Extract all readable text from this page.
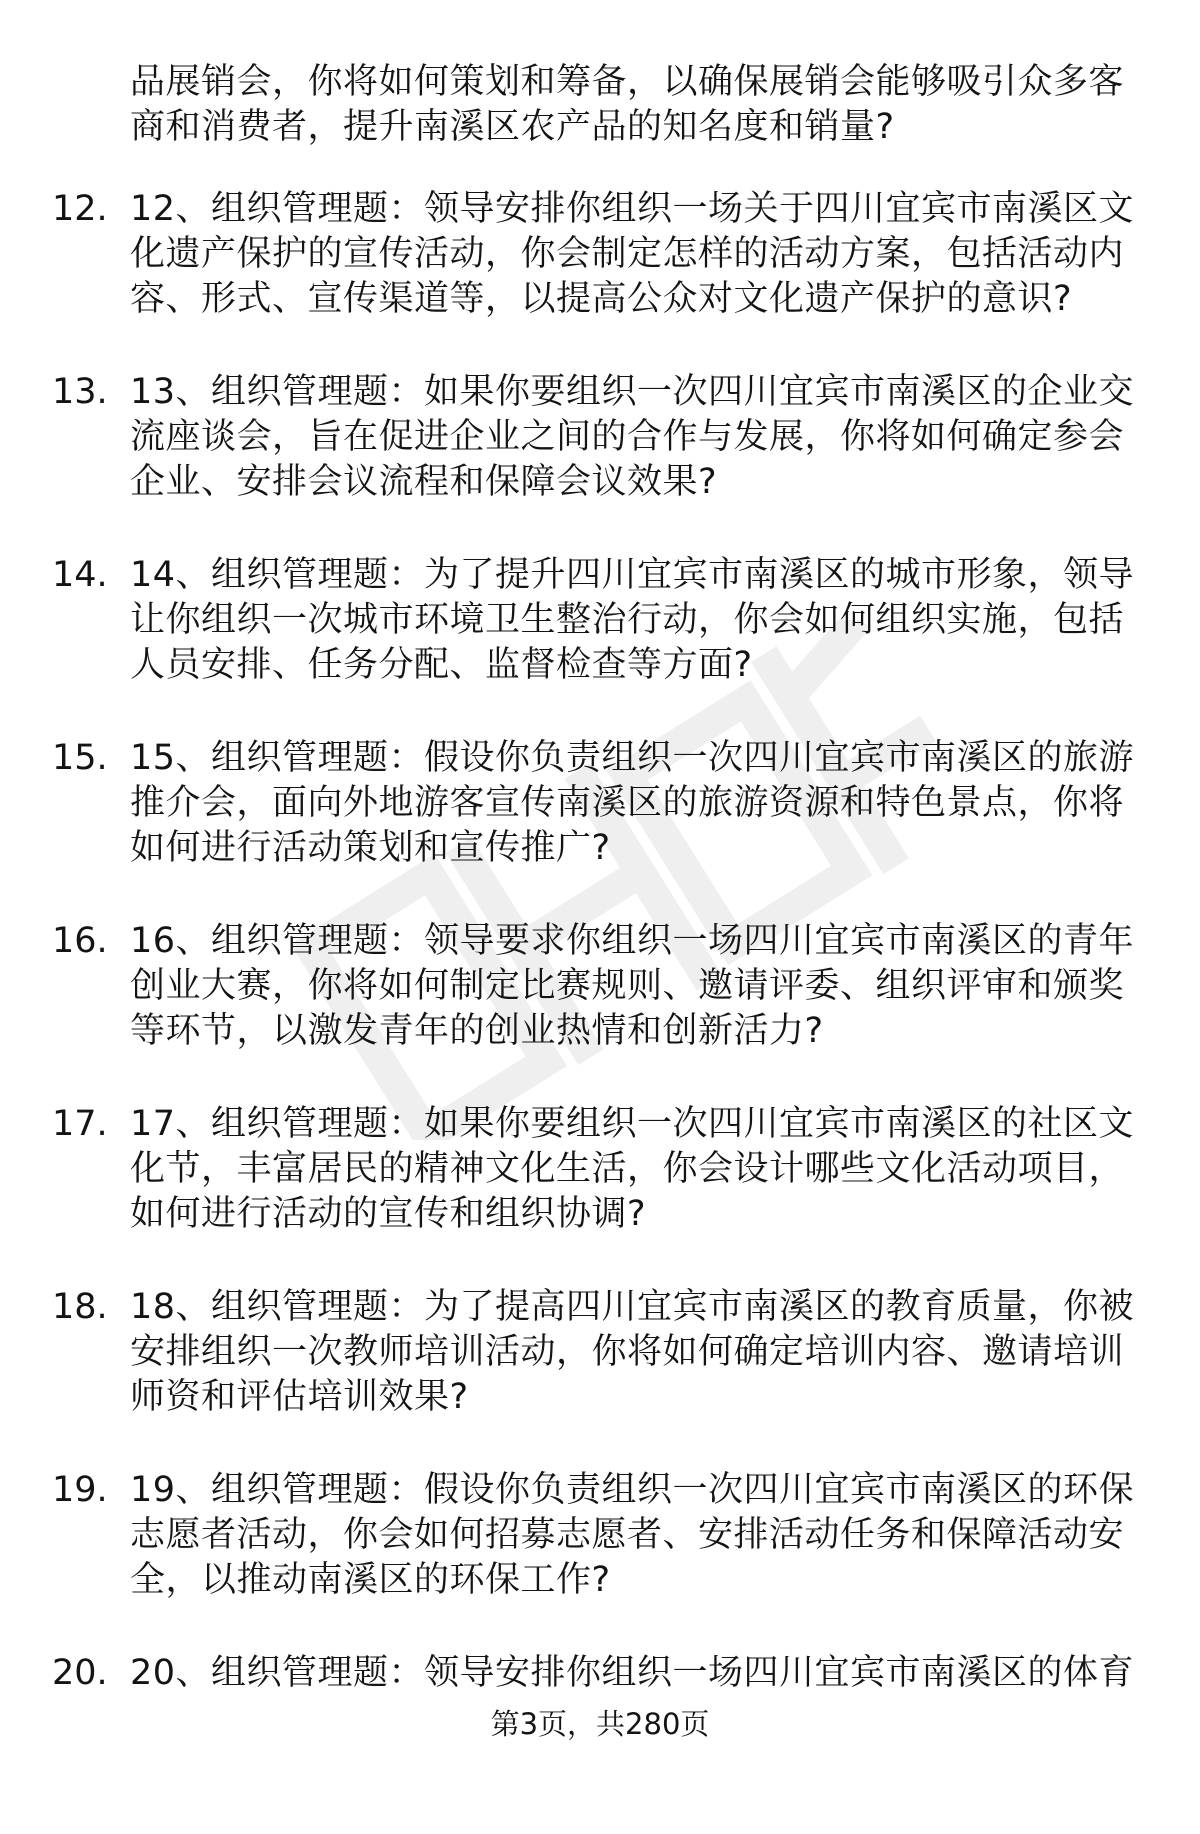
品展销会，你将如何策划和筹备，以确保展销会能够吸引众多客商和消费者，提升南溪区农产品的知名度和销量?
12. 12、组织管理题：领导安排你组织一场关于四川宜宾市南溪区文化遗产保护的宣传活动，你会制定怎样的活动方案，包括活动内容、形式、宣传渠道等，以提高公众对文化遗产保护的意识?
13. 13、组织管理题：如果你要组织一次四川宜宾市南溪区的企业交流座谈会，旨在促进企业之间的合作与发展，你将如何确定参会企业、安排会议流程和保障会议效果?
14. 14、组织管理题：为了提升四川宜宾市南溪区的城市形象，领导让你组织一次城市环境卫生整治行动，你会如何组织实施，包括人员安排、任务分配、监督检查等方面?
15. 15、组织管理题：假设你负责组织一次四川宜宾市南溪区的旅游推介会，面向外地游客宣传南溪区的旅游资源和特色景点，你将如何进行活动策划和宣传推广?
16. 16、组织管理题：领导要求你组织一场四川宜宾市南溪区的青年创业大赛，你将如何制定比赛规则、邀请评委、组织评审和颁奖等环节，以激发青年的创业热情和创新活力?
17. 17、组织管理题：如果你要组织一次四川宜宾市南溪区的社区文化节，丰富居民的精神文化生活，你会设计哪些文化活动项目，如何进行活动的宣传和组织协调?
18. 18、组织管理题：为了提高四川宜宾市南溪区的教育质量，你被安排组织一次教师培训活动，你将如何确定培训内容、邀请培训师资和评估培训效果?
19. 19、组织管理题：假设你负责组织一次四川宜宾市南溪区的环保志愿者活动，你会如何招募志愿者、安排活动任务和保障活动安全，以推动南溪区的环保工作?
20. 20、组织管理题：领导安排你组织一场四川宜宾市南溪区的体育
第3页，共280页
